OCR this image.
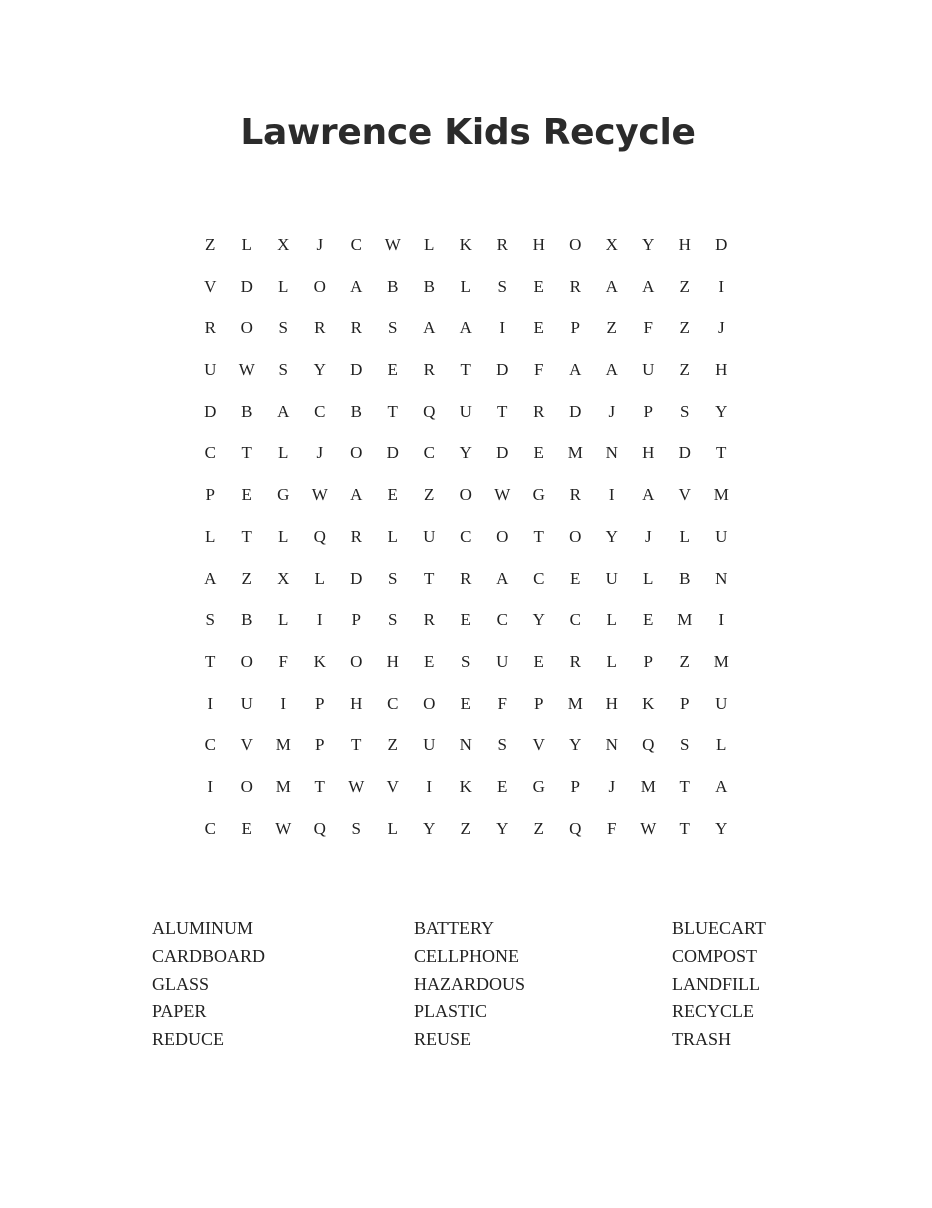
Lawrence Kids Recycle
Z	L	X	J	C	W	L	K	R	H	O	X	Y	H	D
V	D	L	O	A	B	B	L	S	E	R	A	A	Z	I
R	O	S	R	R	S	A	A	I	E	P	Z	F	Z	J
U	W	S	Y	D	E	R	T	D	F	A	A	U	Z	H
D	B	A	C	B	T	Q	U	T	R	D	J	P	S	Y
C	T	L	J	O	D	C	Y	D	E	M	N	H	D	T
P	E	G	W	A	E	Z	O	W	G	R	I	A	V	M
L	T	L	Q	R	L	U	C	O	T	O	Y	J	L	U
A	Z	X	L	D	S	T	R	A	C	E	U	L	B	N
S	B	L	I	P	S	R	E	C	Y	C	L	E	M	I
T	O	F	K	O	H	E	S	U	E	R	L	P	Z	M
I	U	I	P	H	C	O	E	F	P	M	H	K	P	U
C	V	M	P	T	Z	U	N	S	V	Y	N	Q	S	L
I	O	M	T	W	V	I	K	E	G	P	J	M	T	A
C	E	W	Q	S	L	Y	Z	Y	Z	Q	F	W	T	Y
ALUMINUM
CARDBOARD
GLASS
PAPER
REDUCE
BATTERY
CELLPHONE
HAZARDOUS
PLASTIC
REUSE
BLUECART
COMPOST
LANDFILL
RECYCLE
TRASH
